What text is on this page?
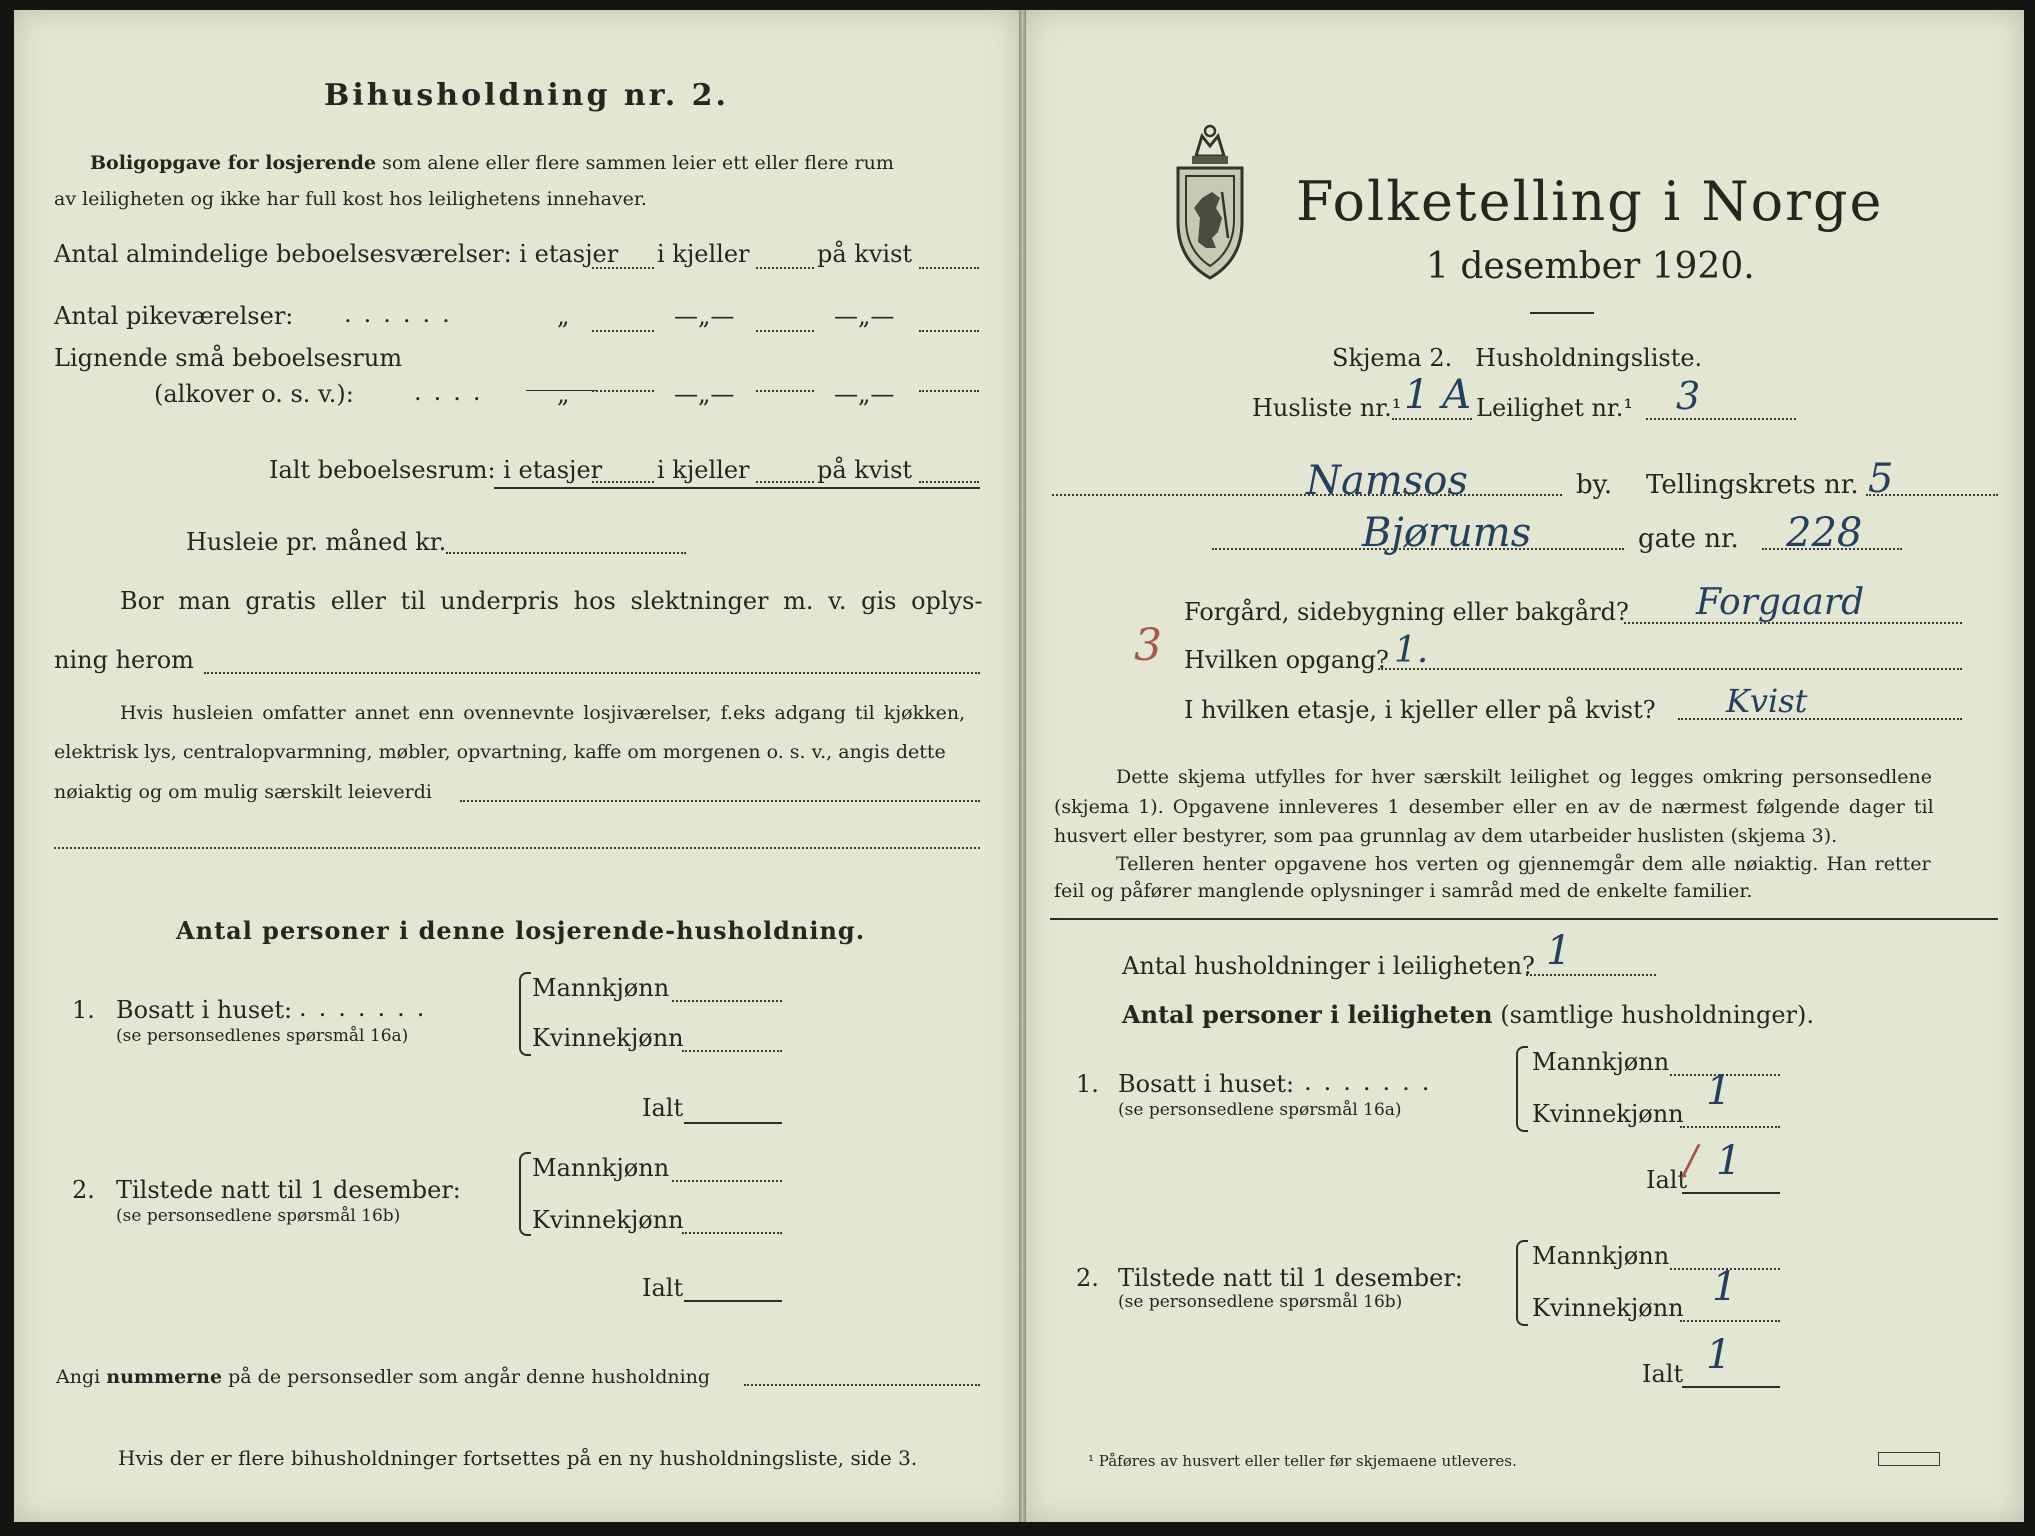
Bihusholdning nr. 2.
Boligopgave for losjerende som alene eller flere sammen leier ett eller flere rum
av leiligheten og ikke har full kost hos leilighetens innehaver.
Antal almindelige beboelsesværelser: i etasjer i kjeller	på kvist
Antal pikeværelser: ......	„	—„—	—„—
Lignende små beboelsesrum
(alkover o. s. v.):	....	„	—„—	—„—
Ialt beboelsesrum: i etasjer i kjeller	på kvist
Husleie pr. måned kr.
Bor man gratis eller til underpris hos slektninger m. v. gis oplys-
ning herom
Hvis husleien omfatter annet enn ovennevnte losjiværelser, f.eks adgang til kjøkken,
elektrisk lys, centralopvarmning, møbler, opvartning, kaffe om morgenen o. s. v., angis dette
nøiaktig og om mulig særskilt leieverdi
Antal personer i denne losjerende-husholdning.
1. Bosatt i huset: .......
(se personsedlenes spørsmål 16a)
Mannkjønn
Kvinnekjønn
Ialt
2. Tilstede natt til 1 desember:
(se personsedlene spørsmål 16b)
Mannkjønn
Kvinnekjønn
Ialt
Angi nummerne på de personsedler som angår denne husholdning
Hvis der er flere bihusholdninger fortsettes på en ny husholdningsliste, side 3.
Folketelling i Norge
1 desember 1920.
Skjema 2.   Husholdningsliste.
Husliste nr.¹ 1 A Leilighet nr.¹ 3
Namsos	by. Tellingskrets nr. 5
Bjørums	gate nr. 228
Forgård, sidebygning eller bakgård? Forgaard
3 Hvilken opgang? 1.
I hvilken etasje, i kjeller eller på kvist? Kvist
Dette skjema utfylles for hver særskilt leilighet og legges omkring personsedlene
(skjema 1). Opgavene innleveres 1 desember eller en av de nærmest følgende dager til
husvert eller bestyrer, som paa grunnlag av dem utarbeider huslisten (skjema 3).
Telleren henter opgavene hos verten og gjennemgår dem alle nøiaktig. Han retter
feil og påfører manglende oplysninger i samråd med de enkelte familier.
Antal husholdninger i leiligheten? 1
Antal personer i leiligheten (samtlige husholdninger).
1. Bosatt i huset: .......
(se personsedlene spørsmål 16a)
Mannkjønn
Kvinnekjønn 1
Ialt 1
/
2. Tilstede natt til 1 desember:
(se personsedlene spørsmål 16b)
Mannkjønn
Kvinnekjønn 1
Ialt 1
¹ Påføres av husvert eller teller før skjemaene utleveres.
